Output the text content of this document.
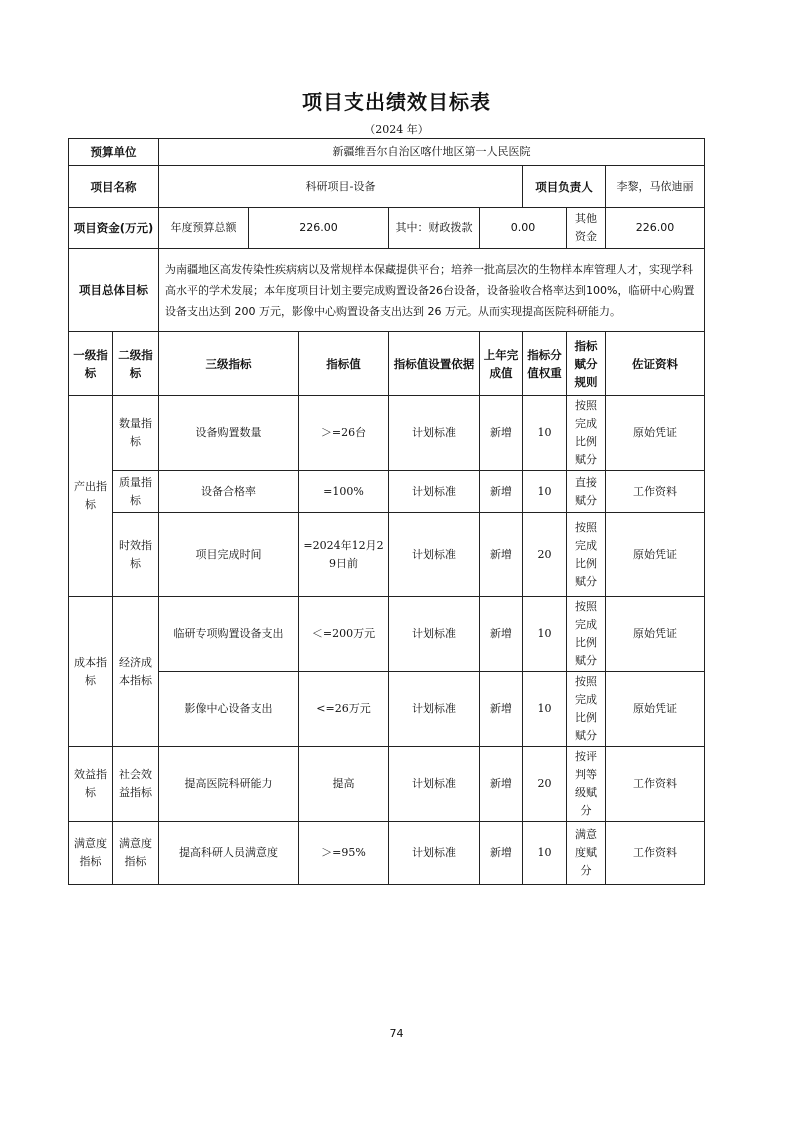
项目支出绩效目标表
（2024 年）
预算单位		新疆维吾尔自治区喀什地区第一人民医院							
项目名称		科研项目-设备					项目负责人		李黎，马依迪丽
项目资金(万元)		年度预算总额	226.00		其中：财政拨款	0.00		其他资金	226.00
项目总体目标		为南疆地区高发传染性疾病病以及常规样本保藏提供平台；培养一批高层次的生物样本库管理人才，实现学科高水平的学术发展；本年度项目计划主要完成购置设备26台设备，设备验收合格率达到100%，临研中心购置设备支出达到 200 万元，影像中心购置设备支出达到 26 万元。从而实现提高医院科研能力。							
一级指标	二级指标	三级指标		指标值	指标值设置依据	上年完成值	指标分值权重	指标赋分规则	佐证资料
产出指标	数量指标	设备购置数量		＞=26台	计划标准	新增	10	按照完成比例赋分	原始凭证
	质量指标	设备合格率		=100%	计划标准	新增	10	直接赋分	工作资料
	时效指标	项目完成时间		=2024年12月29日前	计划标准	新增	20	按照完成比例赋分	原始凭证
成本指标	经济成本指标	临研专项购置设备支出		＜=200万元	计划标准	新增	10	按照完成比例赋分	原始凭证
		影像中心设备支出		<=26万元	计划标准	新增	10	按照完成比例赋分	原始凭证
效益指标	社会效益指标	提高医院科研能力		提高	计划标准	新增	20	按评判等级赋分	工作资料
满意度指标	满意度指标	提高科研人员满意度		＞=95%	计划标准	新增	10	满意度赋分	工作资料
74
